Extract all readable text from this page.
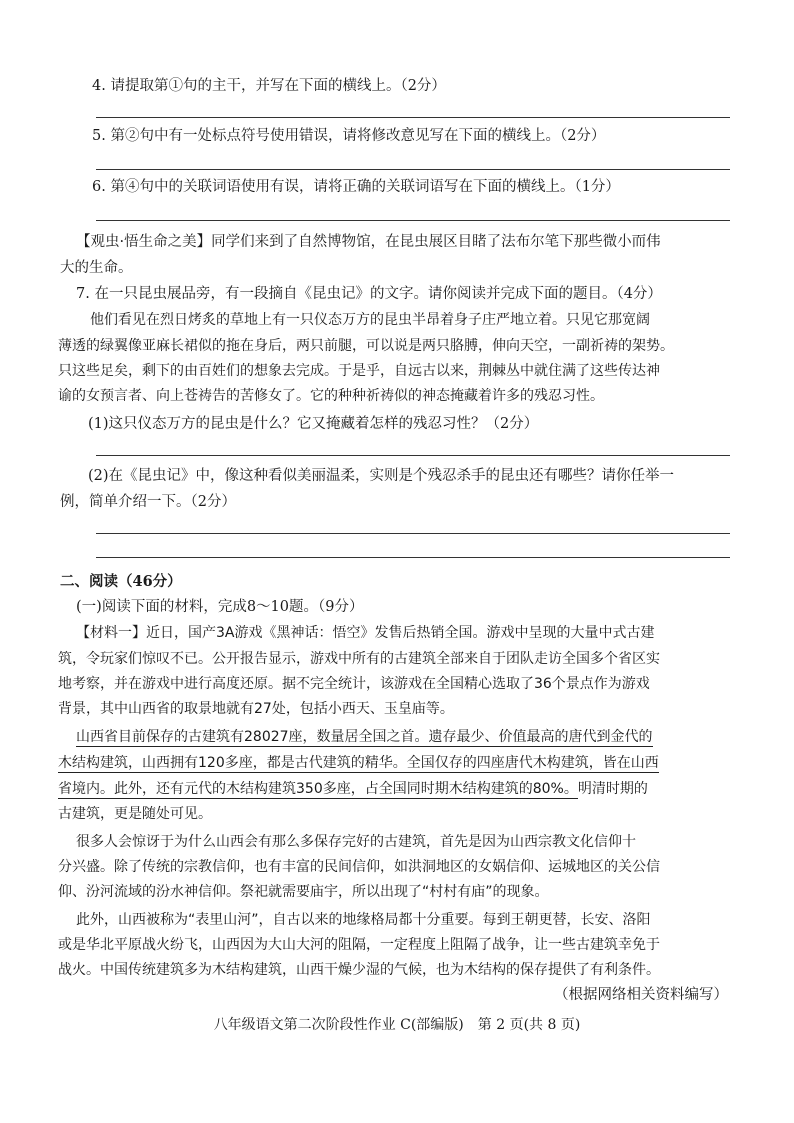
4. 请提取第①句的主干，并写在下面的横线上。（2分）
5. 第②句中有一处标点符号使用错误，请将修改意见写在下面的横线上。（2分）
6. 第④句中的关联词语使用有误，请将正确的关联词语写在下面的横线上。（1分）
【观虫·悟生命之美】同学们来到了自然博物馆，在昆虫展区目睹了法布尔笔下那些微小而伟
大的生命。
7. 在一只昆虫展品旁，有一段摘自《昆虫记》的文字。请你阅读并完成下面的题目。（4分）
他们看见在烈日烤炙的草地上有一只仪态万方的昆虫半昂着身子庄严地立着。只见它那宽阔
薄透的绿翼像亚麻长裙似的拖在身后，两只前腿，可以说是两只胳膊，伸向天空，一副祈祷的架势。
只这些足矣，剩下的由百姓们的想象去完成。于是乎，自远古以来，荆棘丛中就住满了这些传达神
谕的女预言者、向上苍祷告的苦修女了。它的种种祈祷似的神态掩藏着许多的残忍习性。
(1)这只仪态万方的昆虫是什么？它又掩藏着怎样的残忍习性？（2分）
(2)在《昆虫记》中，像这种看似美丽温柔，实则是个残忍杀手的昆虫还有哪些？请你任举一
例，简单介绍一下。（2分）
二、阅读（46分）
(一)阅读下面的材料，完成8～10题。（9分）
【材料一】近日，国产3A游戏《黑神话：悟空》发售后热销全国。游戏中呈现的大量中式古建
筑，令玩家们惊叹不已。公开报告显示，游戏中所有的古建筑全部来自于团队走访全国多个省区实
地考察，并在游戏中进行高度还原。据不完全统计，该游戏在全国精心选取了36个景点作为游戏
背景，其中山西省的取景地就有27处，包括小西天、玉皇庙等。
山西省目前保存的古建筑有28027座，数量居全国之首。遗存最少、价值最高的唐代到金代的
木结构建筑，山西拥有120多座，都是古代建筑的精华。全国仅存的四座唐代木构建筑，皆在山西
省境内。此外，还有元代的木结构建筑350多座，占全国同时期木结构建筑的80%。明清时期的
古建筑，更是随处可见。
很多人会惊讶于为什么山西会有那么多保存完好的古建筑，首先是因为山西宗教文化信仰十
分兴盛。除了传统的宗教信仰，也有丰富的民间信仰，如洪洞地区的女娲信仰、运城地区的关公信
仰、汾河流域的汾水神信仰。祭祀就需要庙宇，所以出现了“村村有庙”的现象。
此外，山西被称为“表里山河”，自古以来的地缘格局都十分重要。每到王朝更替，长安、洛阳
或是华北平原战火纷飞，山西因为大山大河的阻隔，一定程度上阻隔了战争，让一些古建筑幸免于
战火。中国传统建筑多为木结构建筑，山西干燥少湿的气候，也为木结构的保存提供了有利条件。
（根据网络相关资料编写）
八年级语文第二次阶段性作业 C(部编版)　第 2 页(共 8 页)
